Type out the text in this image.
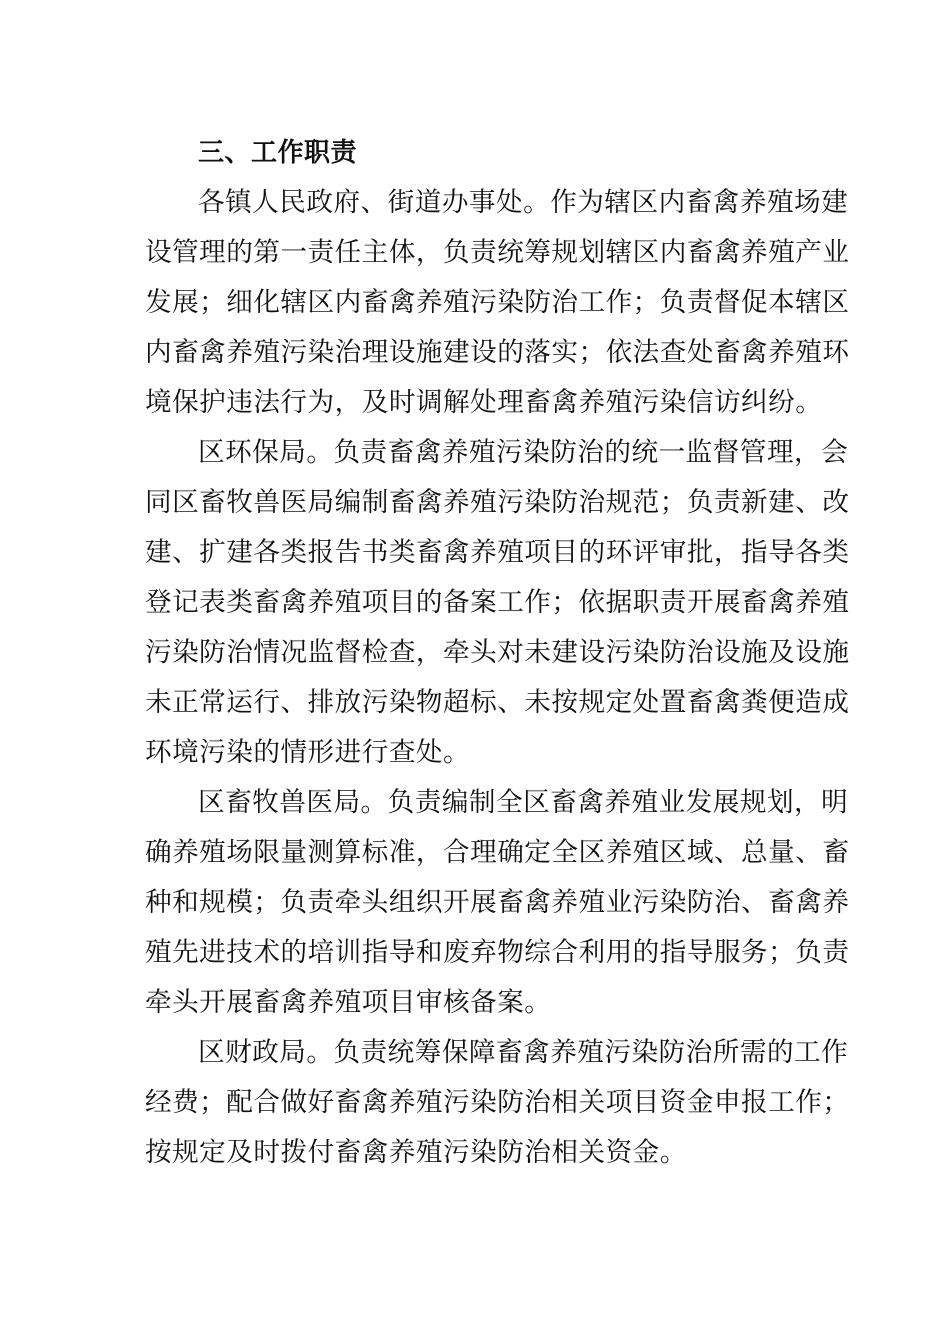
三、工作职责

各镇人民政府、街道办事处。作为辖区内畜禽养殖场建
设管理的第一责任主体，负责统筹规划辖区内畜禽养殖产业
发展；细化辖区内畜禽养殖污染防治工作；负责督促本辖区
内畜禽养殖污染治理设施建设的落实；依法查处畜禽养殖环
境保护违法行为，及时调解处理畜禽养殖污染信访纠纷。

区环保局。负责畜禽养殖污染防治的统一监督管理，会
同区畜牧兽医局编制畜禽养殖污染防治规范；负责新建、改
建、扩建各类报告书类畜禽养殖项目的环评审批，指导各类
登记表类畜禽养殖项目的备案工作；依据职责开展畜禽养殖
污染防治情况监督检查，牵头对未建设污染防治设施及设施
未正常运行、排放污染物超标、未按规定处置畜禽粪便造成
环境污染的情形进行查处。

区畜牧兽医局。负责编制全区畜禽养殖业发展规划，明
确养殖场限量测算标准，合理确定全区养殖区域、总量、畜
种和规模；负责牵头组织开展畜禽养殖业污染防治、畜禽养
殖先进技术的培训指导和废弃物综合利用的指导服务；负责
牵头开展畜禽养殖项目审核备案。

区财政局。负责统筹保障畜禽养殖污染防治所需的工作
经费；配合做好畜禽养殖污染防治相关项目资金申报工作；
按规定及时拨付畜禽养殖污染防治相关资金。
